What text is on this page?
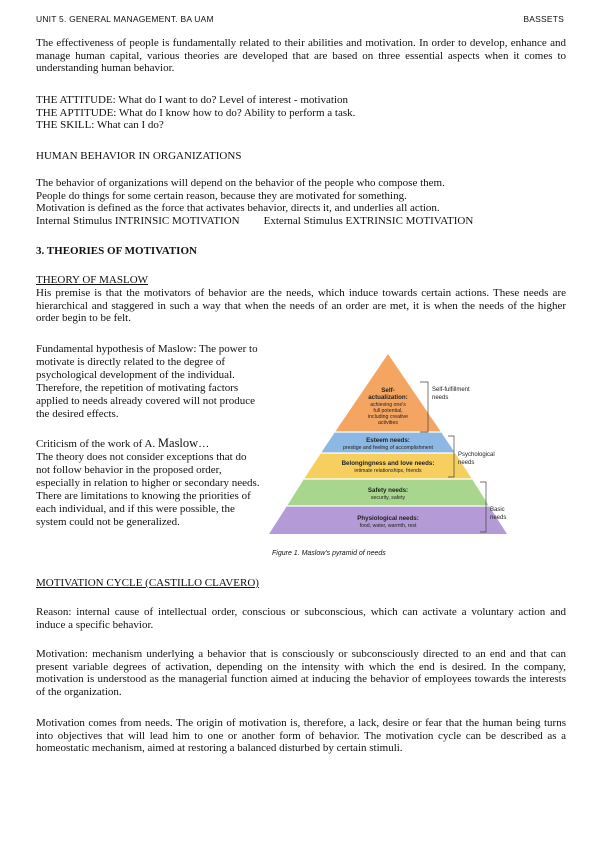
UNIT 5. GENERAL MANAGEMENT. BA UAM	BASSETS

The effectiveness of people is fundamentally related to their abilities and motivation. In order to develop, enhance and manage human capital, various theories are developed that are based on three essential aspects when it comes to understanding human behavior.

THE ATTITUDE: What do I want to do? Level of interest - motivation
THE APTITUDE: What do I know how to do? Ability to perform a task.
THE SKILL: What can I do?
HUMAN BEHAVIOR IN ORGANIZATIONS
The behavior of organizations will depend on the behavior of the people who compose them.
People do things for some certain reason, because they are motivated for something.
Motivation is defined as the force that activates behavior, directs it, and underlies all action.
Internal Stimulus INTRINSIC MOTIVATION External Stimulus EXTRINSIC MOTIVATION
3. THEORIES OF MOTIVATION
THEORY OF MASLOW

His premise is that the motivators of behavior are the needs, which induce towards certain actions. These needs are hierarchical and staggered in such a way that when the needs of an order are met, it is when the needs of the higher order begin to be felt.

Fundamental hypothesis of Maslow: The power to motivate is directly related to the degree of psychological development of the individual. Therefore, the repetition of motivating factors applied to needs already covered will not produce the desired effects.

Criticism of the work of A. Maslow…

The theory does not consider exceptions that do not follow behavior in the proposed order, especially in relation to higher or secondary needs.

There are limitations to knowing the priorities of each individual, and if this were possible, the system could not be generalized.

Self-
actualization:
achieving one's
full potential,
including creative
activities
Esteem needs:
prestige and feeling of accomplishment
Belongingness and love needs:
intimate relationships, friends
Safety needs:
security, safety
Physiological needs:
food, water, warmth, rest
Self-fulfillment
needs
Psychological
needs
Basic
needs
Figure 1. Maslow's pyramid of needs
MOTIVATION CYCLE (CASTILLO CLAVERO)

Reason: internal cause of intellectual order, conscious or subconscious, which can activate a voluntary action and induce a specific behavior.

Motivation: mechanism underlying a behavior that is consciously or subconsciously directed to an end and that can present variable degrees of activation, depending on the intensity with which the end is desired. In the company, motivation is understood as the managerial function aimed at inducing the behavior of employees towards the interests of the organization.

Motivation comes from needs. The origin of motivation is, therefore, a lack, desire or fear that the human being turns into objectives that will lead him to one or another form of behavior. The motivation cycle can be described as a homeostatic mechanism, aimed at restoring a balanced disturbed by certain stimuli.
